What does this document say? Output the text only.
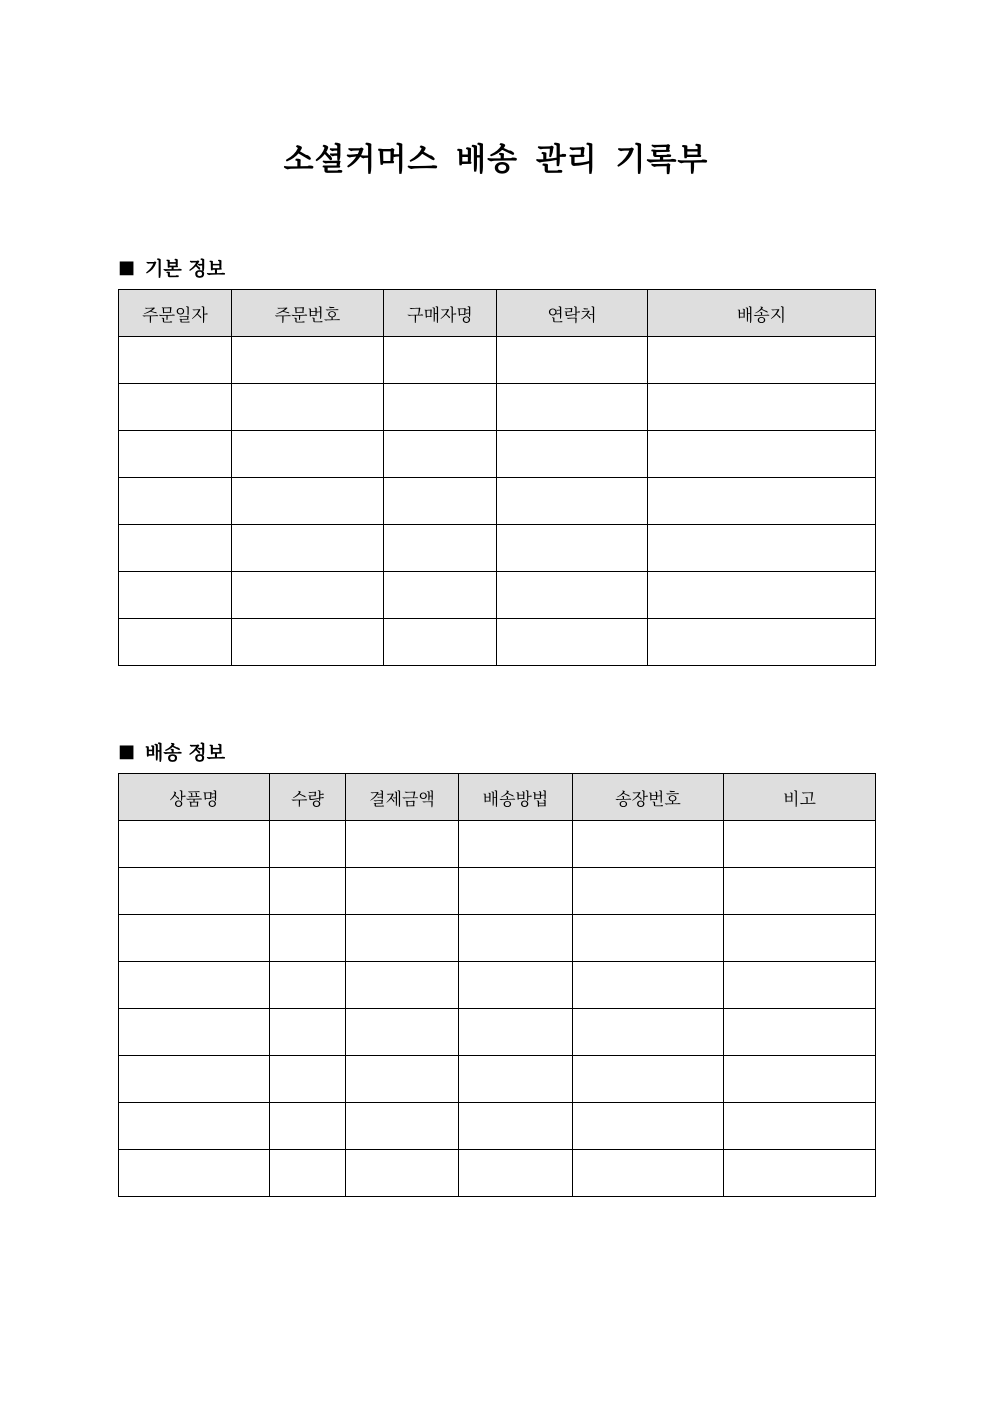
소셜커머스 배송 관리 기록부
■ 기본 정보
주문일자	주문번호	구매자명	연락처	배송지

■ 배송 정보
상품명	수량	결제금액	배송방법	송장번호	비고
